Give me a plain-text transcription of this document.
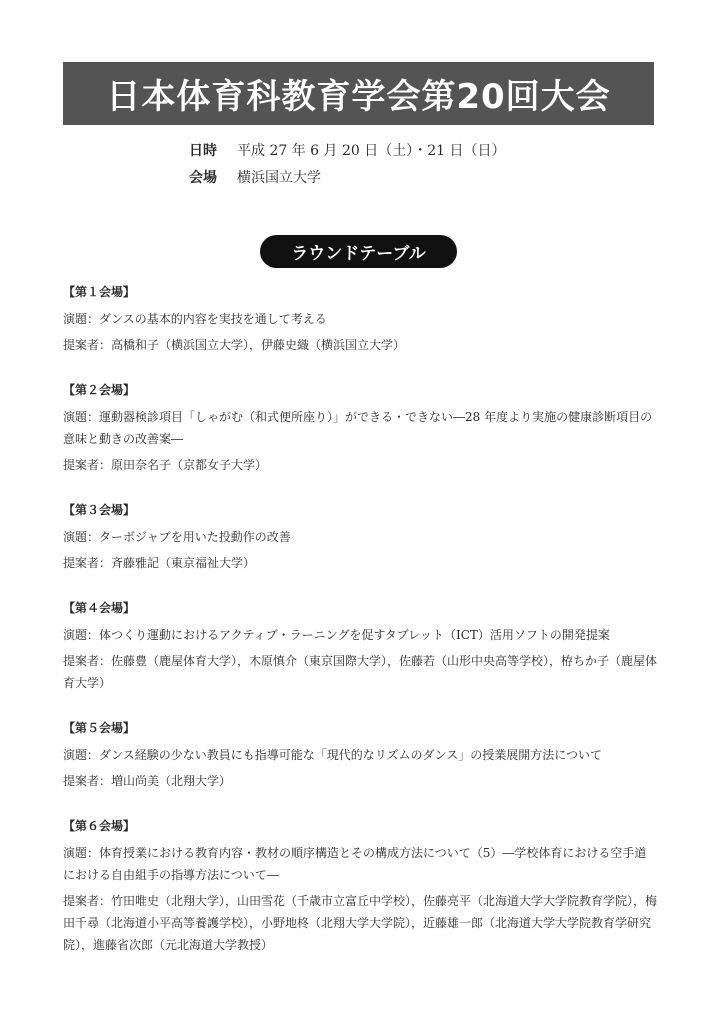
日本体育科教育学会第20回大会
日時	平成 27 年 6 月 20 日（土）・21 日（日）
会場	横浜国立大学
ラウンドテーブル
【第１会場】
演題：ダンスの基本的内容を実技を通して考える
提案者：高橋和子（横浜国立大学），伊藤史織（横浜国立大学）
【第２会場】
演題：運動器検診項目「しゃがむ（和式便所座り）」ができる・できない―28 年度より実施の健康診断項目の意味と動きの改善案―
提案者：原田奈名子（京都女子大学）
【第３会場】
演題：ターボジャブを用いた投動作の改善
提案者：斉藤雅記（東京福祉大学）
【第４会場】
演題：体つくり運動におけるアクティブ・ラーニングを促すタブレット（ICT）活用ソフトの開発提案
提案者：佐藤豊（鹿屋体育大学），木原慎介（東京国際大学），佐藤若（山形中央高等学校），栫ちか子（鹿屋体育大学）
【第５会場】
演題：ダンス経験の少ない教員にも指導可能な「現代的なリズムのダンス」の授業展開方法について
提案者：増山尚美（北翔大学）
【第６会場】
演題：体育授業における教育内容・教材の順序構造とその構成方法について（5）―学校体育における空手道における自由組手の指導方法について―
提案者：竹田唯史（北翔大学），山田雪花（千歳市立富丘中学校），佐藤亮平（北海道大学大学院教育学院），梅田千尋（北海道小平高等養護学校），小野地柊（北翔大学大学院），近藤雄一郎（北海道大学大学院教育学研究院），進藤省次郎（元北海道大学教授）
